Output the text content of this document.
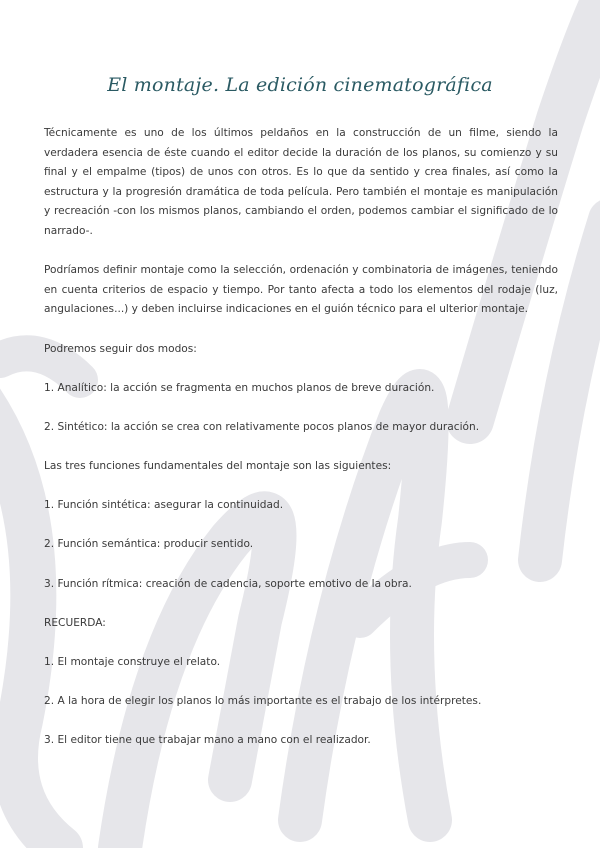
El montaje. La edición cinematográfica

Técnicamente es uno de los últimos peldaños en la construcción de un filme, siendo la verdadera esencia de éste cuando el editor decide la duración de los planos, su comienzo y su final y el empalme (tipos) de unos con otros. Es lo que da sentido y crea finales, así como la estructura y la progresión dramática de toda película. Pero también el montaje es manipulación y recreación -con los mismos planos, cambiando el orden, podemos cambiar el significado de lo narrado-.

Podríamos definir montaje como la selección, ordenación y combinatoria de imágenes, teniendo en cuenta criterios de espacio y tiempo. Por tanto afecta a todo los elementos del rodaje (luz, angulaciones...) y deben incluirse indicaciones en el guión técnico para el ulterior montaje.

Podremos seguir dos modos:
1. Analítico: la acción se fragmenta en muchos planos de breve duración.
2. Sintético: la acción se crea con relativamente pocos planos de mayor duración.
Las tres funciones fundamentales del montaje son las siguientes:
1. Función sintética: asegurar la continuidad.
2. Función semántica: producir sentido.
3. Función rítmica: creación de cadencia, soporte emotivo de la obra.
RECUERDA:
1. El montaje construye el relato.
2. A la hora de elegir los planos lo más importante es el trabajo de los intérpretes.
3. El editor tiene que trabajar mano a mano con el realizador.
